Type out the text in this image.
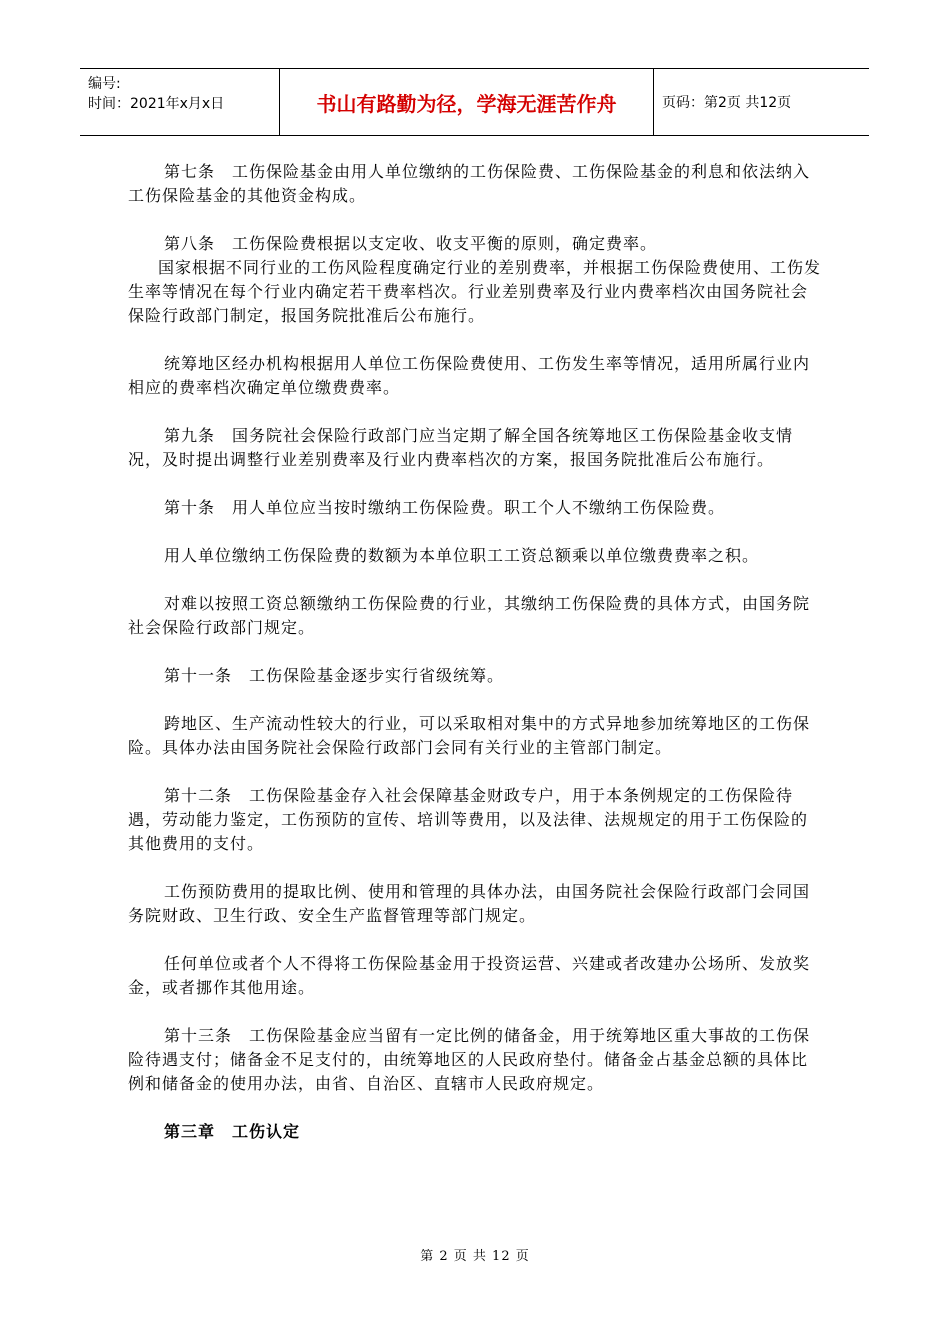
编号:
时间：2021年x月x日	书山有路勤为径，学海无涯苦作舟	页码：第2页 共12页

第七条　工伤保险基金由用人单位缴纳的工伤保险费、工伤保险基金的利息和依法纳入工伤保险基金的其他资金构成。

第八条　工伤保险费根据以支定收、收支平衡的原则，确定费率。

国家根据不同行业的工伤风险程度确定行业的差别费率，并根据工伤保险费使用、工伤发生率等情况在每个行业内确定若干费率档次。行业差别费率及行业内费率档次由国务院社会保险行政部门制定，报国务院批准后公布施行。

统筹地区经办机构根据用人单位工伤保险费使用、工伤发生率等情况，适用所属行业内相应的费率档次确定单位缴费费率。

第九条　国务院社会保险行政部门应当定期了解全国各统筹地区工伤保险基金收支情况，及时提出调整行业差别费率及行业内费率档次的方案，报国务院批准后公布施行。

第十条　用人单位应当按时缴纳工伤保险费。职工个人不缴纳工伤保险费。

用人单位缴纳工伤保险费的数额为本单位职工工资总额乘以单位缴费费率之积。

对难以按照工资总额缴纳工伤保险费的行业，其缴纳工伤保险费的具体方式，由国务院社会保险行政部门规定。

第十一条　工伤保险基金逐步实行省级统筹。

跨地区、生产流动性较大的行业，可以采取相对集中的方式异地参加统筹地区的工伤保险。具体办法由国务院社会保险行政部门会同有关行业的主管部门制定。

第十二条　工伤保险基金存入社会保障基金财政专户，用于本条例规定的工伤保险待遇，劳动能力鉴定，工伤预防的宣传、培训等费用，以及法律、法规规定的用于工伤保险的其他费用的支付。

工伤预防费用的提取比例、使用和管理的具体办法，由国务院社会保险行政部门会同国务院财政、卫生行政、安全生产监督管理等部门规定。

任何单位或者个人不得将工伤保险基金用于投资运营、兴建或者改建办公场所、发放奖金，或者挪作其他用途。

第十三条　工伤保险基金应当留有一定比例的储备金，用于统筹地区重大事故的工伤保险待遇支付；储备金不足支付的，由统筹地区的人民政府垫付。储备金占基金总额的具体比例和储备金的使用办法，由省、自治区、直辖市人民政府规定。

第三章　工伤认定

第 2 页 共 12 页
